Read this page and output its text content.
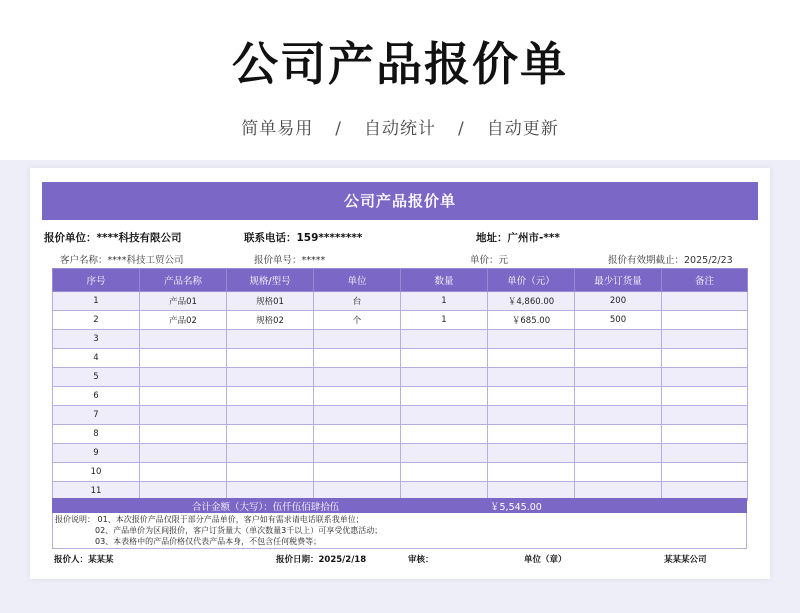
公司产品报价单
简单易用 / 自动统计 / 自动更新
公司产品报价单
报价单位：****科技有限公司	联系电话：159********	地址：广州市-***
客户名称：****科技工贸公司	报价单号：*****	单价：元	报价有效期截止：2025/2/23
序号	产品名称	规格/型号	单位	数量	单价（元）	最少订货量	备注
1	产品01	规格01	台	1	￥4,860.00	200	
2	产品02	规格02	个	1	￥685.00	500	
3							
4							
5							
6							
7							
8							
9							
10							
11							
合计金额（大写）：伍仟伍佰肆拾伍	￥5,545.00
报价说明： 01、本次报价产品仅限于部分产品单价，客户如有需求请电话联系我单位；
02、产品单价为区间报价，客户订货量大（单次数量3千以上）可享受优惠活动；
03、本表格中的产品价格仅代表产品本身，不包含任何税费等；
报价人：某某某	报价日期：2025/2/18	审核：	单位（章）	某某某公司
